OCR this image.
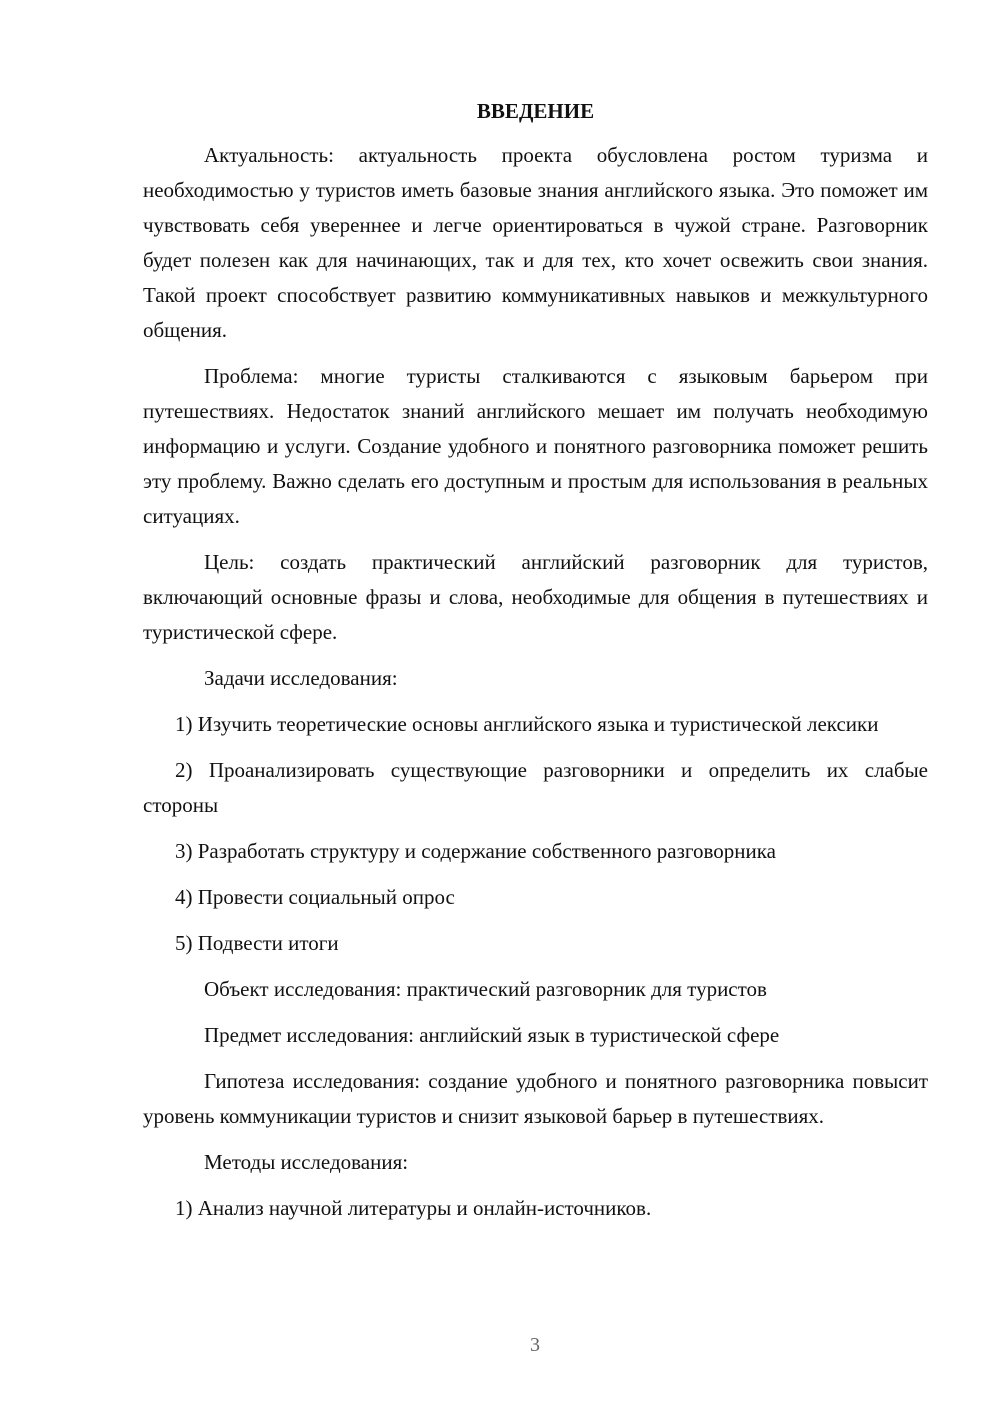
ВВЕДЕНИЕ

Актуальность: актуальность проекта обусловлена ростом туризма и необходимостью у туристов иметь базовые знания английского языка. Это поможет им чувствовать себя увереннее и легче ориентироваться в чужой стране. Разговорник будет полезен как для начинающих, так и для тех, кто хочет освежить свои знания. Такой проект способствует развитию коммуникативных навыков и межкультурного общения.

Проблема: многие туристы сталкиваются с языковым барьером при путешествиях. Недостаток знаний английского мешает им получать необходимую информацию и услуги. Создание удобного и понятного разговорника поможет решить эту проблему. Важно сделать его доступным и простым для использования в реальных ситуациях.

Цель: создать практический английский разговорник для туристов, включающий основные фразы и слова, необходимые для общения в путешествиях и туристической сфере.

Задачи исследования:

1) Изучить теоретические основы английского языка и туристической лексики

2) Проанализировать существующие разговорники и определить их слабые стороны

3) Разработать структуру и содержание собственного разговорника

4) Провести социальный опрос

5) Подвести итоги

Объект исследования: практический разговорник для туристов

Предмет исследования: английский язык в туристической сфере

Гипотеза исследования: создание удобного и понятного разговорника повысит уровень коммуникации туристов и снизит языковой барьер в путешествиях.

Методы исследования:

1) Анализ научной литературы и онлайн-источников.

3
